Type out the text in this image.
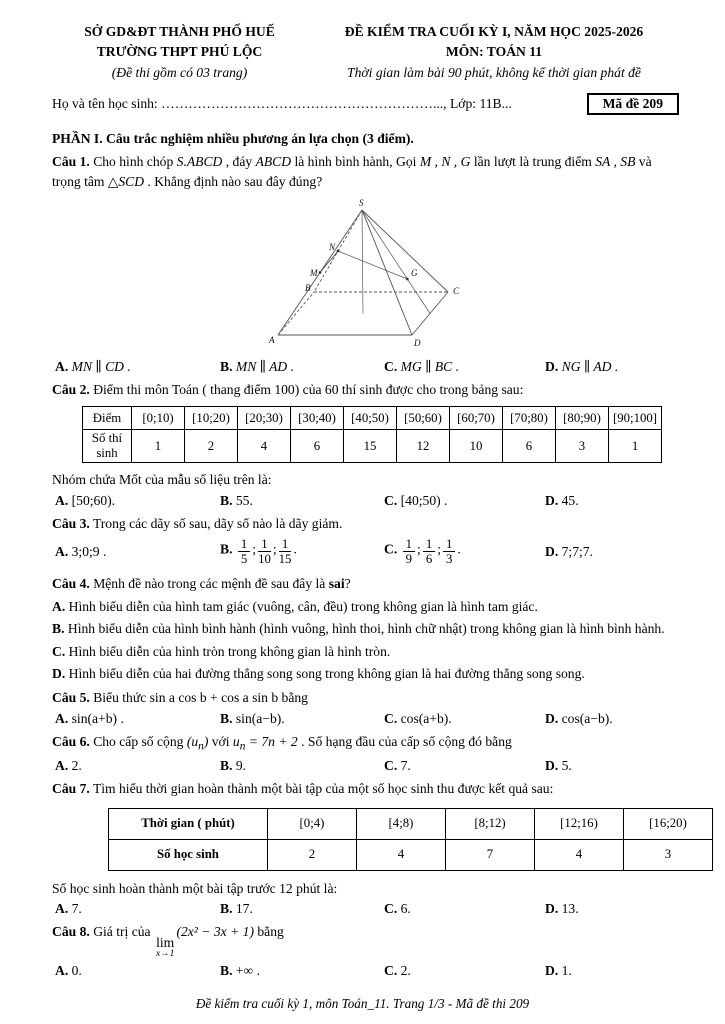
SỞ GD&ĐT THÀNH PHỐ HUẾ
TRƯỜNG THPT PHÚ LỘC
(Đề thi gồm có 03 trang)
ĐỀ KIỂM TRA CUỐI KỲ I, NĂM HỌC 2025-2026
MÔN: TOÁN 11
Thời gian làm bài 90 phút, không kể thời gian phát đề
Họ và tên học sinh: ……………………………………………………..., Lớp: 11B...	Mã đề 209
PHẦN I. Câu trắc nghiệm nhiều phương án lựa chọn (3 điểm).

Câu 1. Cho hình chóp S.ABCD , đáy ABCD là hình bình hành, Gọi M , N , G lần lượt là trung điểm SA , SB và trọng tâm △SCD . Khẳng định nào sau đây đúng?

S
A
B	C
D
M
N
G
A. MN ∥ CD .	B. MN ∥ AD .	C. MG ∥ BC .	D. NG ∥ AD .

Câu 2. Điểm thi môn Toán ( thang điểm 100) của 60 thí sinh được cho trong bảng sau:

Điểm	[0;10)	[10;20)	[20;30)	[30;40)	[40;50)	[50;60)	[60;70)	[70;80)	[80;90)	[90;100]
Số thí sinh	1	2	4	6	15	12	10	6	3	1

Nhóm chứa Mốt của mẫu số liệu trên là:

A. [50;60).	B. 55.	C. [40;50) .	D. 45.

Câu 3. Trong các dãy số sau, dãy số nào là dãy giảm.

A. 3;0;9 .	B. $\frac{1}{5}$ ; $\frac{1}{10}$ ; $\frac{1}{15}$ .	C. $\frac{1}{9}$ ; $\frac{1}{6}$ ; $\frac{1}{3}$ .	D. 7;7;7.

Câu 4. Mệnh đề nào trong các mệnh đề sau đây là sai?

A. Hình biểu diễn của hình tam giác (vuông, cân, đều) trong không gian là hình tam giác.
B. Hình biểu diễn của hình bình hành (hình vuông, hình thoi, hình chữ nhật) trong không gian là hình bình hành.
C. Hình biểu diễn của hình tròn trong không gian là hình tròn.
D. Hình biểu diễn của hai đường thẳng song song trong không gian là hai đường thẳng song song.

Câu 5. Biểu thức sin a cos b + cos a sin b bằng

A. sin(a+b) .	B. sin(a−b).	C. cos(a+b).	D. cos(a−b).

Câu 6. Cho cấp số cộng $(u_n)$ với $u_n = 7n + 2$ . Số hạng đầu của cấp số cộng đó bằng

A. 2.	B. 9.	C. 7.	D. 5.

Câu 7. Tìm hiểu thời gian hoàn thành một bài tập của một số học sinh thu được kết quả sau:

Thời gian ( phút)	[0;4)	[4;8)	[8;12)	[12;16)	[16;20)
Số học sinh	2	4	7	4	3

Số học sinh hoàn thành một bài tập trước 12 phút là:

A. 7.	B. 17.	C. 6.	D. 13.

Câu 8. Giá trị của
lim
x→1
(2x² − 3x + 1) bằng

A. 0.	B. +∞ .	C. 2.	D. 1.
Đề kiểm tra cuối kỳ 1, môn Toán_11. Trang 1/3 - Mã đề thi 209
